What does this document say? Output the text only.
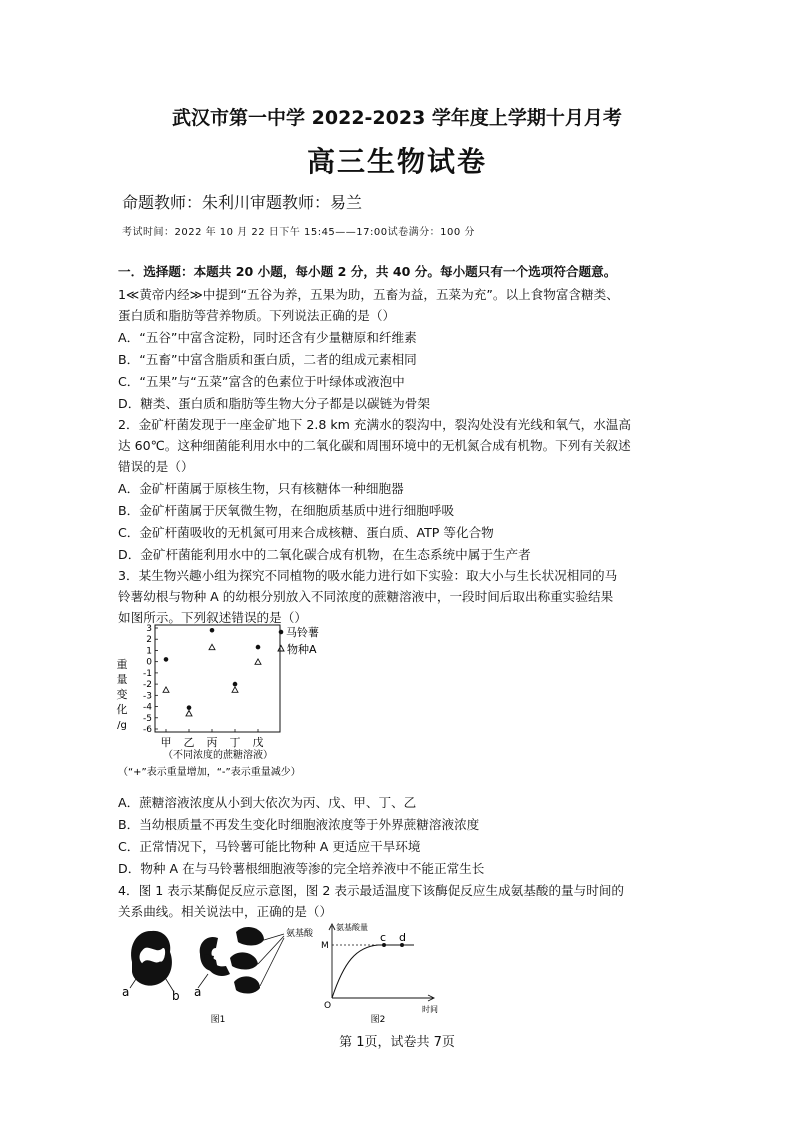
武汉市第一中学 2022-2023 学年度上学期十月月考
高三生物试卷
命题教师：朱利川审题教师：易兰
考试时间：2022 年 10 月 22 日下午 15:45——17:00试卷满分：100 分
一．选择题：本题共 20 小题，每小题 2 分，共 40 分。每小题只有一个选项符合题意。
1≪黄帝内经≫中提到“五谷为养，五果为助，五畜为益，五菜为充”。以上食物富含糖类、
蛋白质和脂肪等营养物质。下列说法正确的是（）
A．“五谷”中富含淀粉，同时还含有少量糖原和纤维素
B．“五畜”中富含脂质和蛋白质，二者的组成元素相同
C．“五果”与“五菜”富含的色素位于叶绿体或液泡中
D．糖类、蛋白质和脂肪等生物大分子都是以碳链为骨架
2．金矿杆菌发现于一座金矿地下 2.8 km 充满水的裂沟中，裂沟处没有光线和氧气，水温高
达 60℃。这种细菌能利用水中的二氧化碳和周围环境中的无机氮合成有机物。下列有关叙述
错误的是（）
A．金矿杆菌属于原核生物，只有核糖体一种细胞器
B．金矿杆菌属于厌氧微生物，在细胞质基质中进行细胞呼吸
C．金矿杆菌吸收的无机氮可用来合成核糖、蛋白质、ATP 等化合物
D．金矿杆菌能利用水中的二氧化碳合成有机物，在生态系统中属于生产者
3．某生物兴趣小组为探究不同植物的吸水能力进行如下实验：取大小与生长状况相同的马
铃薯幼根与物种 A 的幼根分别放入不同浓度的蔗糖溶液中，一段时间后取出称重实验结果
如图所示。下列叙述错误的是（）
重
量
变
化
/g
3
2
1
0
-1
-2
-3
-4
-5
-6
甲 乙 丙 丁 戊
（不同浓度的蔗糖溶液）
马铃薯
物种A
（“+”表示重量增加，“-”表示重量减少）
A．蔗糖溶液浓度从小到大依次为丙、戊、甲、丁、乙
B．当幼根质量不再发生变化时细胞液浓度等于外界蔗糖溶液浓度
C．正常情况下，马铃薯可能比物种 A 更适应干旱环境
D．物种 A 在与马铃薯根细胞液等渗的完全培养液中不能正常生长
4．图 1 表示某酶促反应示意图，图 2 表示最适温度下该酶促反应生成氨基酸的量与时间的
关系曲线。相关说法中，正确的是（）
a	b a
氨基酸
图1
氨基酸量
时间
O
M
c d
图2
第 1页，试卷共 7页
